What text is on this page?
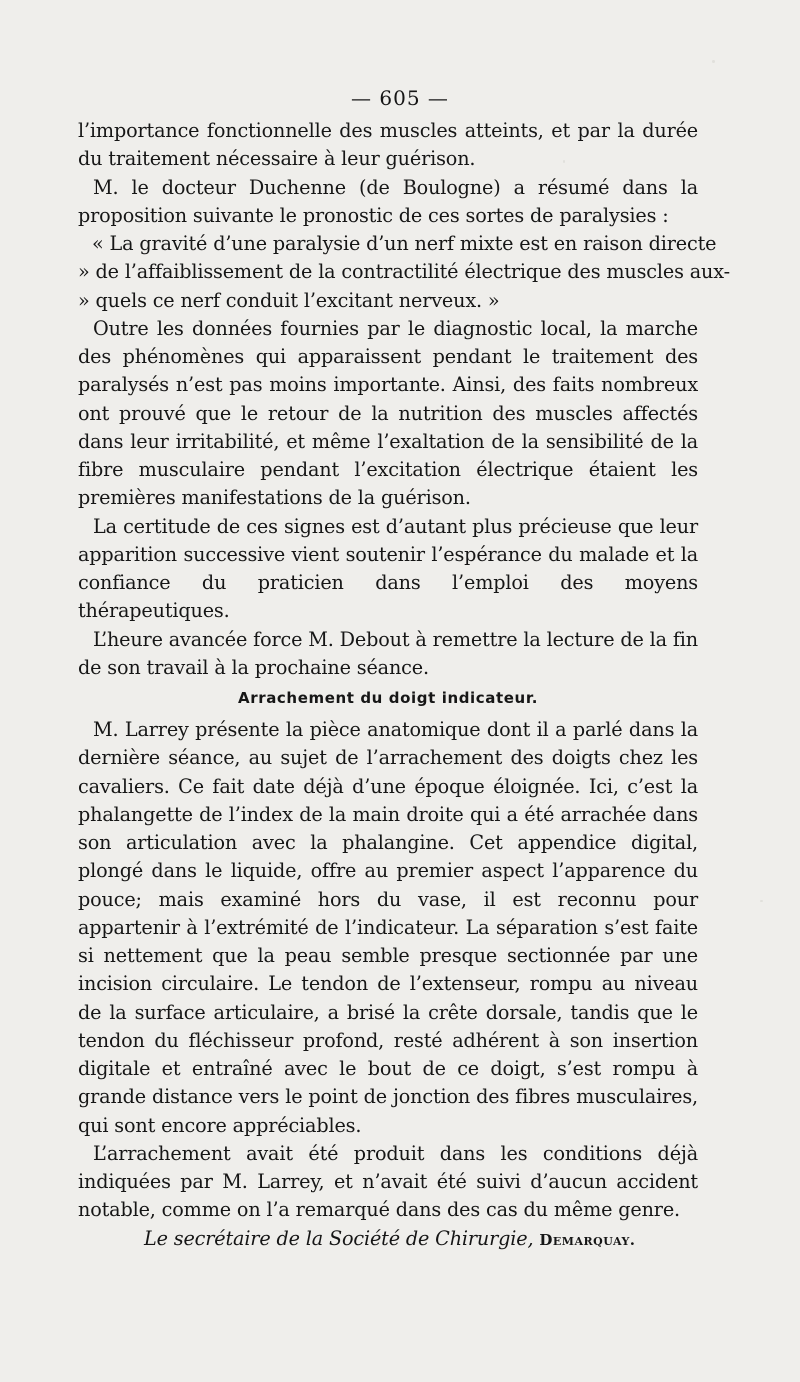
— 605 —

l’importance fonctionnelle des muscles atteints, et par la durée du traitement nécessaire à leur guérison.

M. le docteur Duchenne (de Boulogne) a résumé dans la proposition suivante le pronostic de ces sortes de paralysies :

« La gravité d’une paralysie d’un nerf mixte est en raison directe
» de l’affaiblissement de la contractilité électrique des muscles aux-
» quels ce nerf conduit l’excitant nerveux. »

Outre les données fournies par le diagnostic local, la marche des phénomènes qui apparaissent pendant le traitement des paralysés n’est pas moins importante. Ainsi, des faits nombreux ont prouvé que le retour de la nutrition des muscles affectés dans leur irritabilité, et même l’exaltation de la sensibilité de la fibre musculaire pendant l’excitation électrique étaient les premières manifestations de la guérison.

La certitude de ces signes est d’autant plus précieuse que leur apparition successive vient soutenir l’espérance du malade et la confiance du praticien dans l’emploi des moyens thérapeutiques.

L’heure avancée force M. Debout à remettre la lecture de la fin de son travail à la prochaine séance.

Arrachement du doigt indicateur.

M. Larrey présente la pièce anatomique dont il a parlé dans la dernière séance, au sujet de l’arrachement des doigts chez les cavaliers. Ce fait date déjà d’une époque éloignée. Ici, c’est la phalangette de l’index de la main droite qui a été arrachée dans son articulation avec la phalangine. Cet appendice digital, plongé dans le liquide, offre au premier aspect l’apparence du pouce; mais examiné hors du vase, il est reconnu pour appartenir à l’extrémité de l’indicateur. La séparation s’est faite si nettement que la peau semble presque sectionnée par une incision circulaire. Le tendon de l’extenseur, rompu au niveau de la surface articulaire, a brisé la crête dorsale, tandis que le tendon du fléchisseur profond, resté adhérent à son insertion digitale et entraîné avec le bout de ce doigt, s’est rompu à grande distance vers le point de jonction des fibres musculaires, qui sont encore appréciables.

L’arrachement avait été produit dans les conditions déjà indiquées par M. Larrey, et n’avait été suivi d’aucun accident notable, comme on l’a remarqué dans des cas du même genre.

Le secrétaire de la Société de Chirurgie, Demarquay.
